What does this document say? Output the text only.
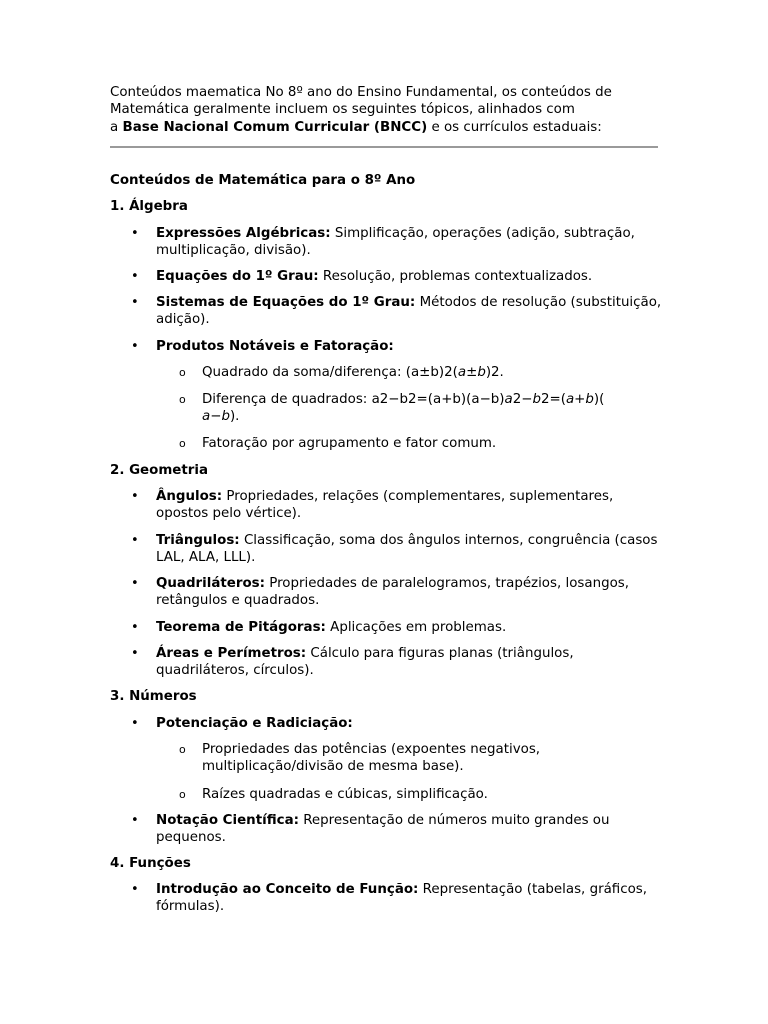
Conteúdos maematica No 8º ano do Ensino Fundamental, os conteúdos de
Matemática geralmente incluem os seguintes tópicos, alinhados com
a Base Nacional Comum Curricular (BNCC) e os currículos estaduais:
Conteúdos de Matemática para o 8º Ano
1. Álgebra
• Expressões Algébricas: Simplificação, operações (adição, subtração, multiplicação, divisão).
• Equações do 1º Grau: Resolução, problemas contextualizados.
• Sistemas de Equações do 1º Grau: Métodos de resolução (substituição, adição).
• Produtos Notáveis e Fatoração:
o Quadrado da soma/diferença: (a±b)2(a±b)2.
o Diferença de quadrados: a2−b2=(a+b)(a−b)a2−b2=(a+b)(
a−b).
o Fatoração por agrupamento e fator comum.
2. Geometria
• Ângulos: Propriedades, relações (complementares, suplementares, opostos pelo vértice).
• Triângulos: Classificação, soma dos ângulos internos, congruência (casos LAL, ALA, LLL).
• Quadriláteros: Propriedades de paralelogramos, trapézios, losangos, retângulos e quadrados.
• Teorema de Pitágoras: Aplicações em problemas.
• Áreas e Perímetros: Cálculo para figuras planas (triângulos, quadriláteros, círculos).
3. Números
• Potenciação e Radiciação:
o Propriedades das potências (expoentes negativos, multiplicação/divisão de mesma base).
o Raízes quadradas e cúbicas, simplificação.
• Notação Científica: Representação de números muito grandes ou pequenos.
4. Funções
• Introdução ao Conceito de Função: Representação (tabelas, gráficos, fórmulas).
